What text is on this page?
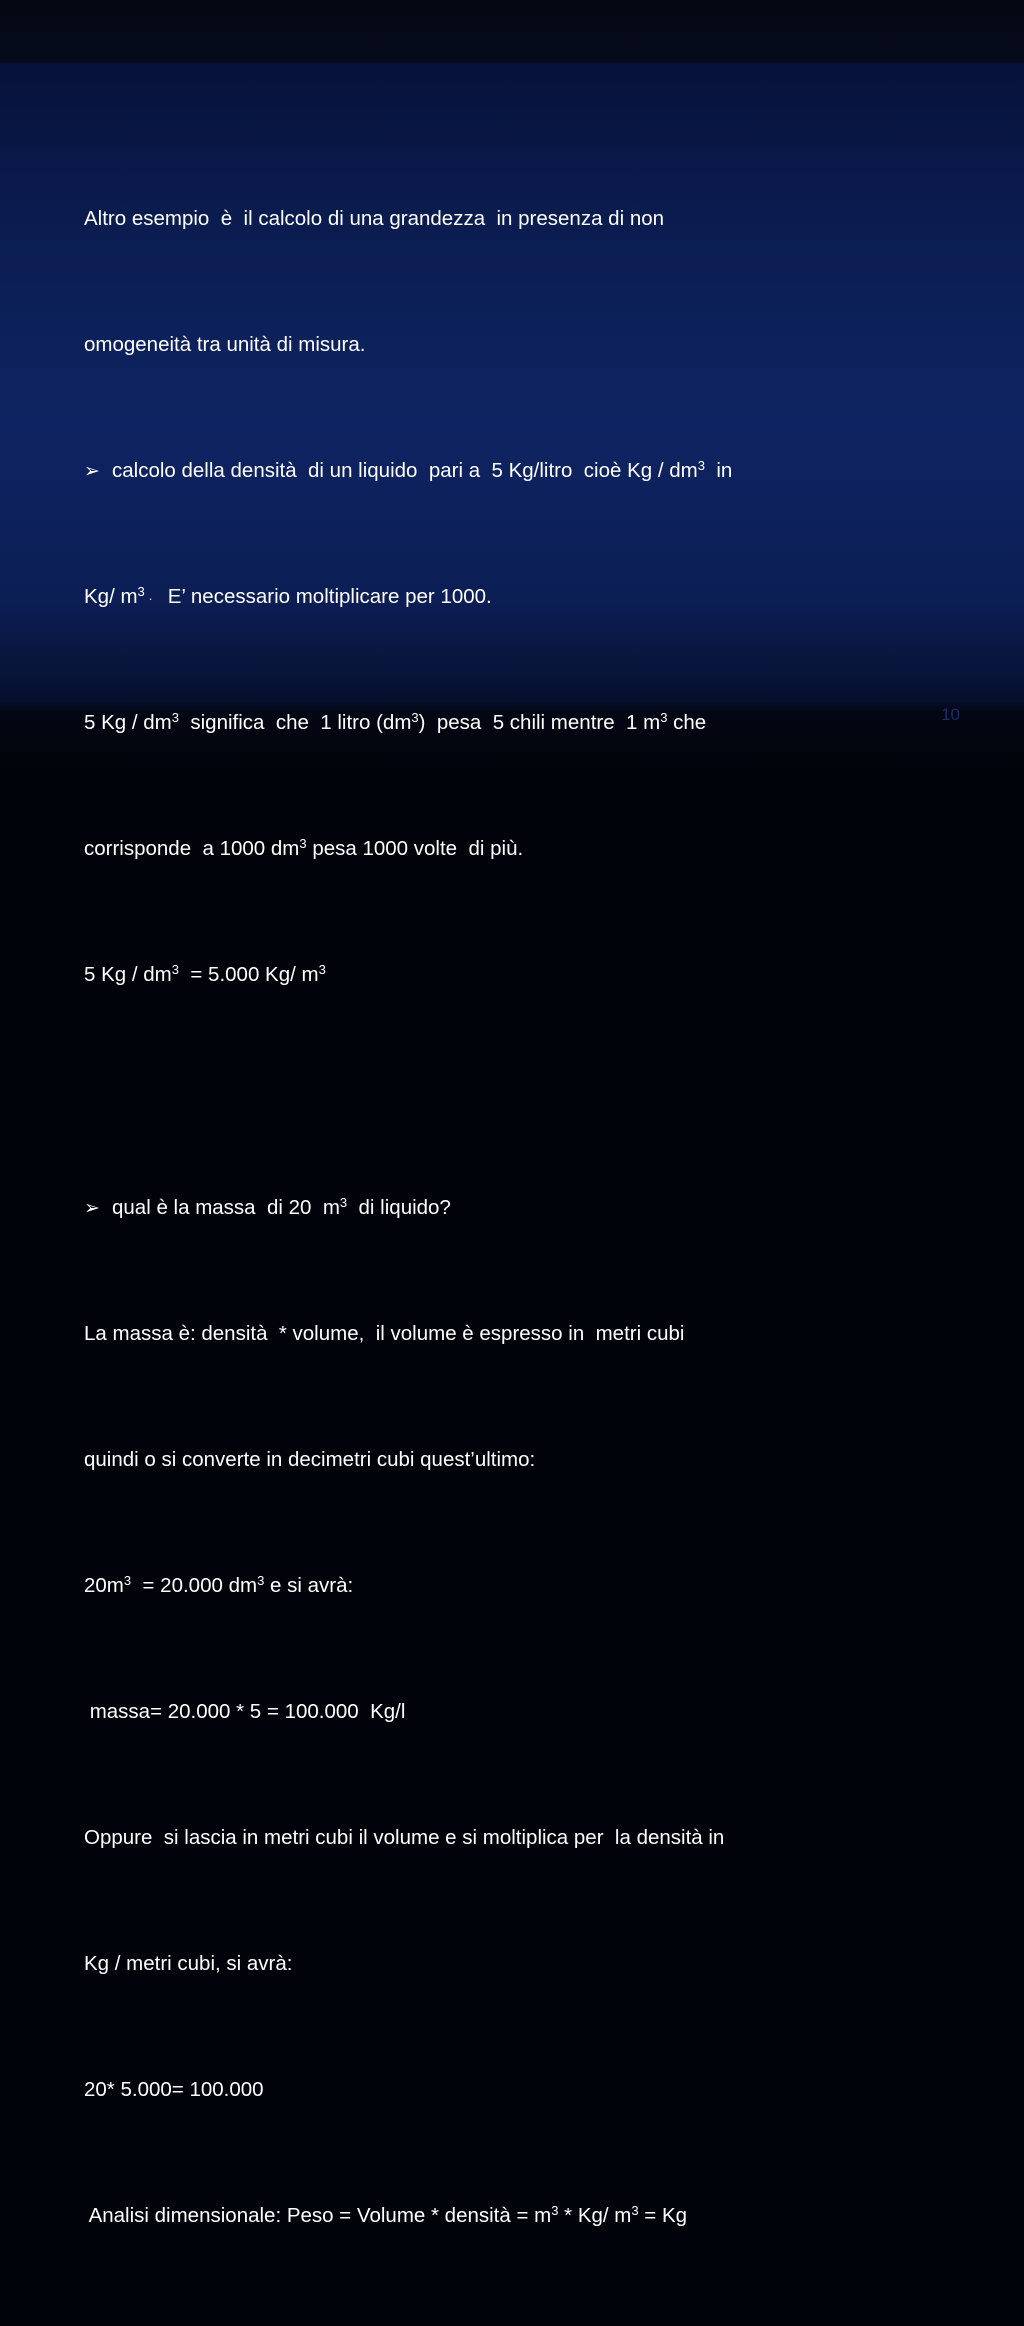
Altro esempio  è  il calcolo di una grandezza  in presenza di non

omogeneità tra unità di misura.

➢ calcolo della densità  di un liquido  pari a  5 Kg/litro  cioè Kg / $dm^3$  in

Kg/ $m^3 \cdot E$’ necessario moltiplicare per 1000.

5 Kg / $dm^3$  significa  che  1 litro $(dm^3)$  pesa  5 chili mentre  1 $m^3$ che

corrisponde  a 1000 $dm^3$ pesa 1000 volte  di più.

5 $Kg / dm^3 = 5.000$ Kg/ $m^3$

➢ qual è la massa  di 20  $m^3$  di liquido?

La massa è: densità  * volume,  il volume è espresso in  metri cubi

quindi o si converte in decimetri cubi quest’ultimo:

$20m^3 = 20.000$ $dm^3$ e si avrà:

massa= 20.000 * 5 = 100.000  Kg/l

Oppure  si lascia in metri cubi il volume e si moltiplica per  la densità in

Kg / metri cubi, si avrà:

20* 5.000= 100.000

Analisi dimensionale: Peso = Volume * densità = $m^3 * Kg/$ $m^3 = Kg$

10
